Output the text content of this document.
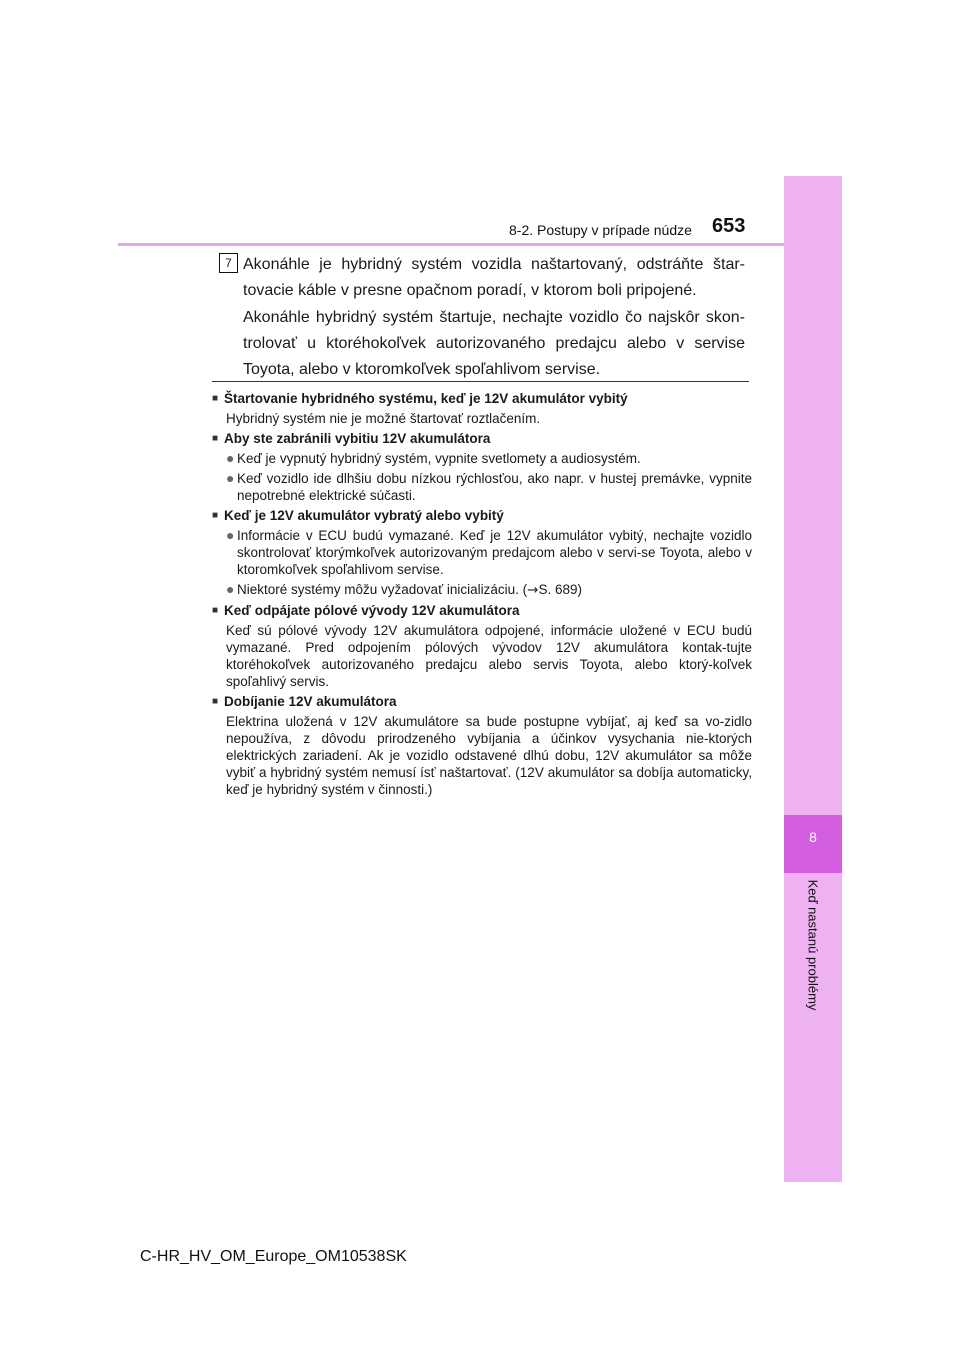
8
Keď nastanú problémy
8-2. Postupy v prípade núdze 653
7 Akonáhle je hybridný systém vozidla naštartovaný, odstráňte štar-tovacie káble v presne opačnom poradí, v ktorom boli pripojené.

Akonáhle hybridný systém štartuje, nechajte vozidlo čo najskôr skon-trolovať u ktoréhokoľvek autorizovaného predajcu alebo v servise Toyota, alebo v ktoromkoľvek spoľahlivom servise.

■ Štartovanie hybridného systému, keď je 12V akumulátor vybitý
Hybridný systém nie je možné štartovať roztlačením.
■ Aby ste zabránili vybitiu 12V akumulátora
● Keď je vypnutý hybridný systém, vypnite svetlomety a audiosystém.
● Keď vozidlo ide dlhšiu dobu nízkou rýchlosťou, ako napr. v hustej premávke, vypnite nepotrebné elektrické súčasti.
■ Keď je 12V akumulátor vybratý alebo vybitý
● Informácie v ECU budú vymazané. Keď je 12V akumulátor vybitý, nechajte vozidlo skontrolovať ktorýmkoľvek autorizovaným predajcom alebo v servi-se Toyota, alebo v ktoromkoľvek spoľahlivom servise.
● Niektoré systémy môžu vyžadovať inicializáciu. (→S. 689)
■ Keď odpájate pólové vývody 12V akumulátora
Keď sú pólové vývody 12V akumulátora odpojené, informácie uložené v ECU budú vymazané. Pred odpojením pólových vývodov 12V akumulátora kontak-tujte ktoréhokoľvek autorizovaného predajcu alebo servis Toyota, alebo ktorý-koľvek spoľahlivý servis.
■ Dobíjanie 12V akumulátora
Elektrina uložená v 12V akumulátore sa bude postupne vybíjať, aj keď sa vo-zidlo nepoužíva, z dôvodu prirodzeného vybíjania a účinkov vysychania nie-ktorých elektrických zariadení. Ak je vozidlo odstavené dlhú dobu, 12V akumulátor sa môže vybiť a hybridný systém nemusí ísť naštartovať. (12V akumulátor sa dobíja automaticky, keď je hybridný systém v činnosti.)
C-HR_HV_OM_Europe_OM10538SK
